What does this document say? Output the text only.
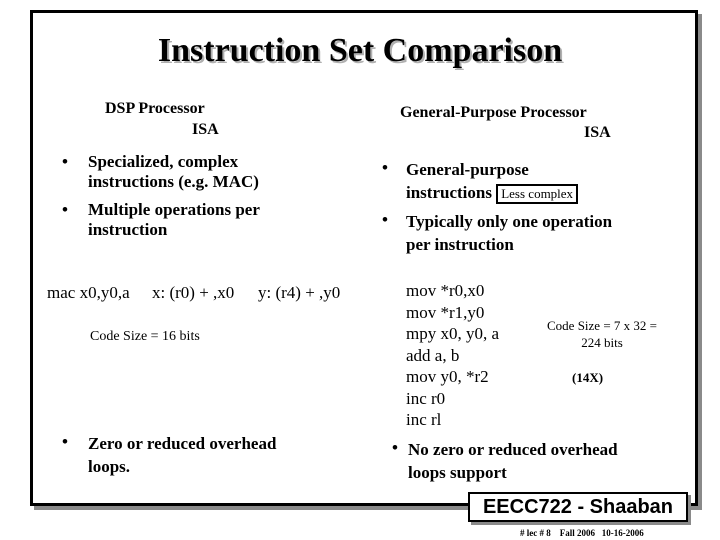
Instruction Set Comparison
DSP Processor
ISA
• Specialized, complex
instructions (e.g. MAC)
• Multiple operations per
instruction
mac x0,y0,a x: (r0) + ,x0 y: (r4) + ,y0
Code Size = 16 bits
• Zero or reduced overhead
loops.
General-Purpose Processor
ISA
• General-purpose
instructions Less complex
• Typically only one operation
per instruction
mov *r0,x0
mov *r1,y0
mpy x0, y0, a
add a, b
mov y0, *r2
inc r0
inc rl
Code Size = 7 x 32 =
224 bits
(14X)
• No zero or reduced overhead
loops support
EECC722 - Shaaban
# lec # 8 Fall 2006 10-16-2006
